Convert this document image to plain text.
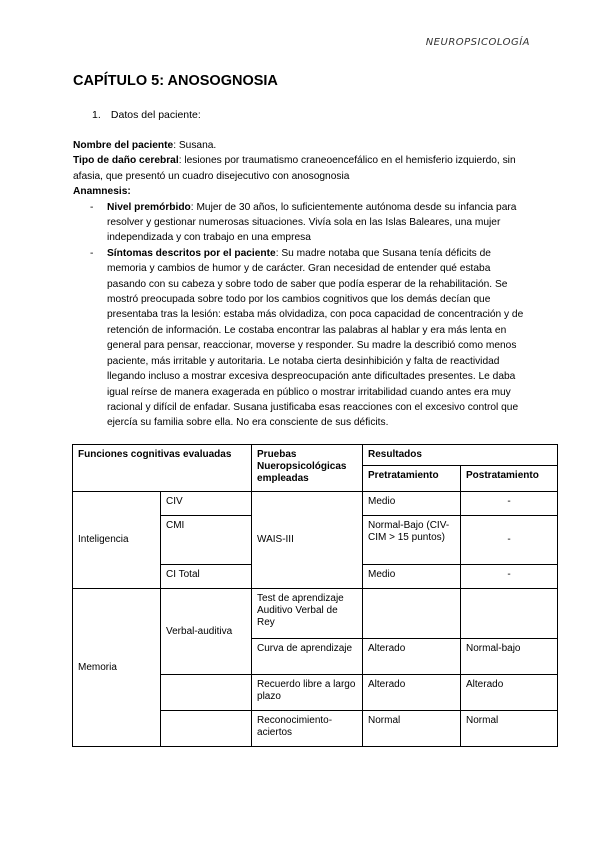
NEUROPSICOLOGÍA
CAPÍTULO 5: ANOSOGNOSIA
1. Datos del paciente:

Nombre del paciente: Susana.

Tipo de daño cerebral: lesiones por traumatismo craneoencefálico en el hemisferio izquierdo, sin afasia, que presentó un cuadro disejecutivo con anosognosia

Anamnesis:

- Nivel premórbido: Mujer de 30 años, lo suficientemente autónoma desde su infancia para resolver y gestionar numerosas situaciones. Vivía sola en las Islas Baleares, una mujer independizada y con trabajo en una empresa
- Síntomas descritos por el paciente: Su madre notaba que Susana tenía déficits de memoria y cambios de humor y de carácter. Gran necesidad de entender qué estaba pasando con su cabeza y sobre todo de saber que podía esperar de la rehabilitación. Se mostró preocupada sobre todo por los cambios cognitivos que los demás decían que presentaba tras la lesión: estaba más olvidadiza, con poca capacidad de concentración y de retención de información. Le costaba encontrar las palabras al hablar y era más lenta en general para pensar, reaccionar, moverse y responder. Su madre la describió como menos paciente, más irritable y autoritaria. Le notaba cierta desinhibición y falta de reactividad llegando incluso a mostrar excesiva despreocupación ante dificultades presentes. Le daba igual reírse de manera exagerada en público o mostrar irritabilidad cuando antes era muy racional y difícil de enfadar. Susana justificaba esas reacciones con el excesivo control que ejercía su familia sobre ella. No era consciente de sus déficits.
Funciones cognitivas evaluadas		Pruebas Nueropsicológicas empleadas	Resultados	
			Pretratamiento	Postratamiento
Inteligencia	CIV	WAIS-III	Medio	-
	CMI		Normal-Bajo (CIV-CIM > 15 puntos)	-
	CI Total		Medio	-
Memoria	Verbal-auditiva	Test de aprendizaje Auditivo Verbal de Rey		
		Curva de aprendizaje	Alterado	Normal-bajo
		Recuerdo libre a largo plazo	Alterado	Alterado
		Reconocimiento-aciertos	Normal	Normal
